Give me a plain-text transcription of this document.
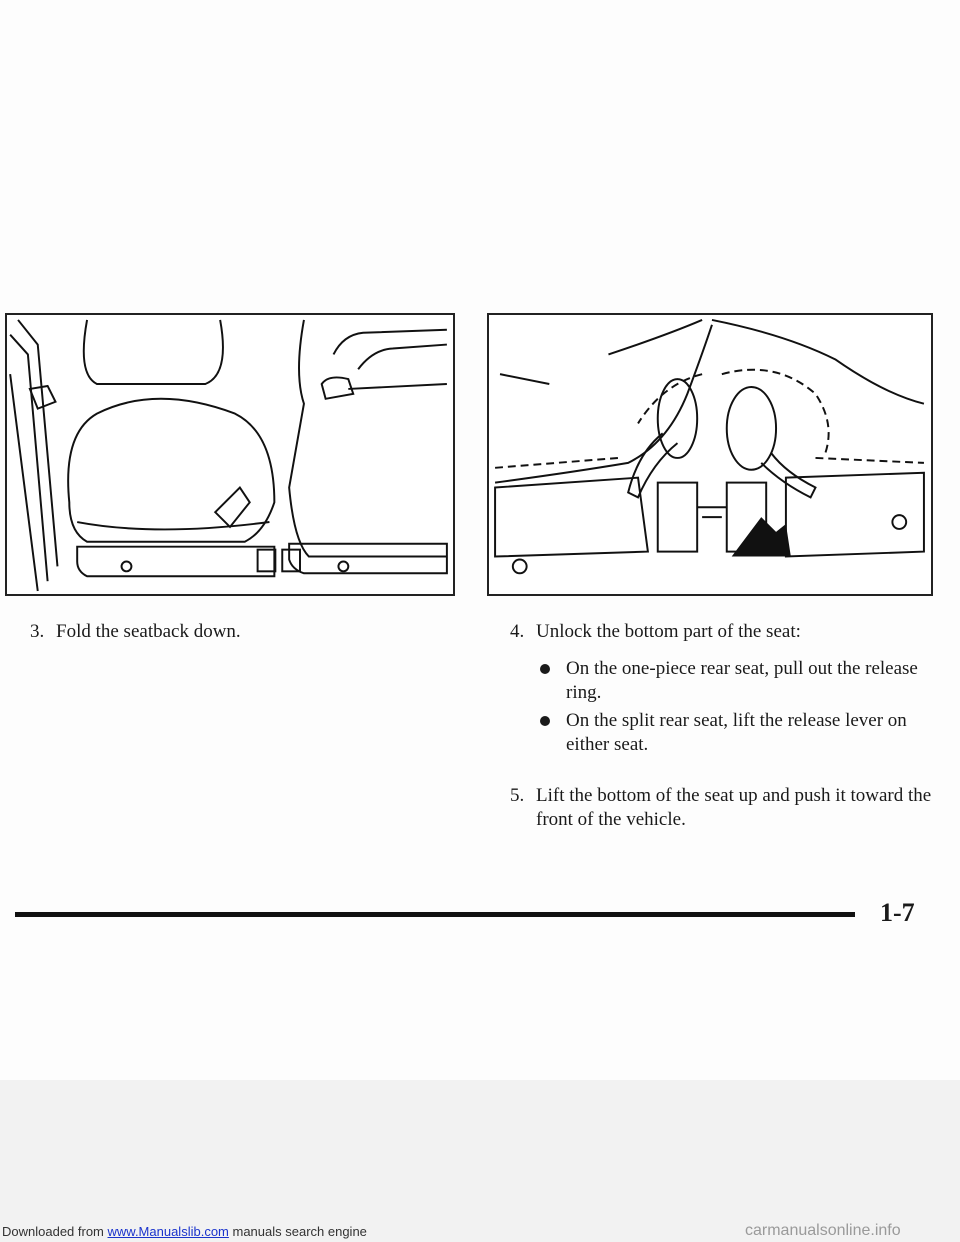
3. Fold the seatback down.	4. Unlock the bottom part of the seat:
On the one-piece rear seat, pull out the release ring.
On the split rear seat, lift the release lever on either seat.
5. Lift the bottom of the seat up and push it toward the front of the vehicle.
1-7
Downloaded from www.Manualslib.com manuals search engine	carmanualsonline.info
